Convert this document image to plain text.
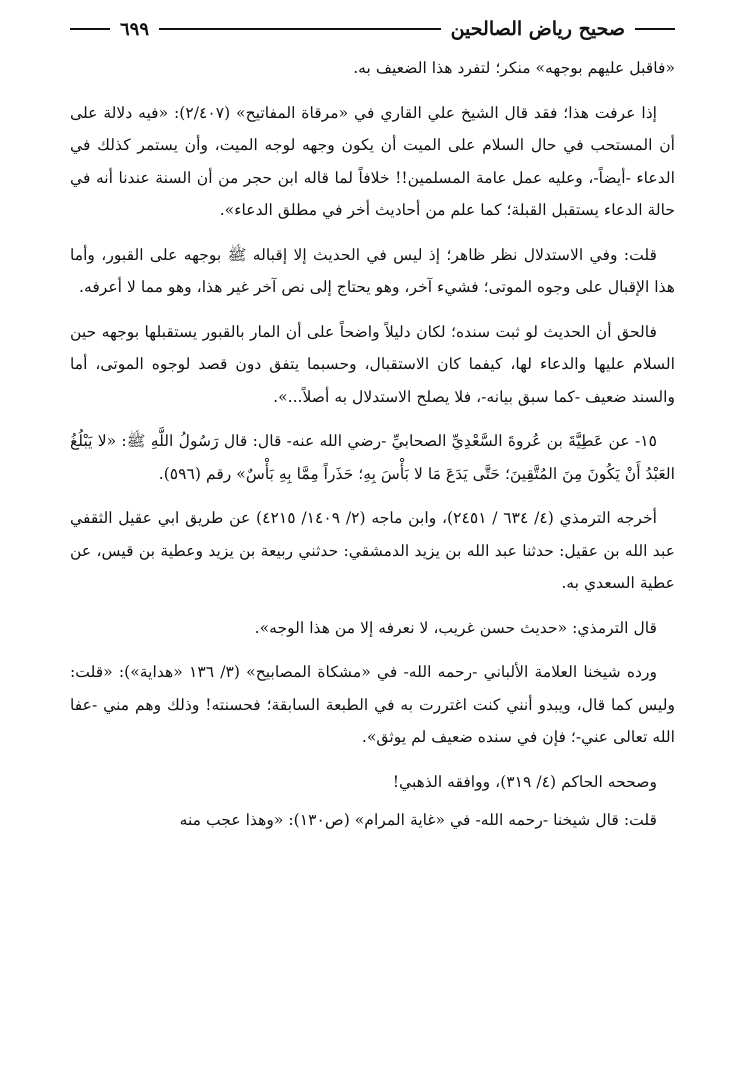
صحيح رياض الصالحين
٦٩٩

«فاقبل عليهم بوجهه» منكر؛ لتفرد هذا الضعيف به.

إذا عرفت هذا؛ فقد قال الشيخ علي القاري في «مرقاة المفاتيح» (٢/٤٠٧): «فيه دلالة على أن المستحب في حال السلام على الميت أن يكون وجهه لوجه الميت، وأن يستمر كذلك في الدعاء -أيضاً-، وعليه عمل عامة المسلمين!! خلافاً لما قاله ابن حجر من أن السنة عندنا أنه في حالة الدعاء يستقبل القبلة؛ كما علم من أحاديث أخر في مطلق الدعاء».

قلت: وفي الاستدلال نظر ظاهر؛ إذ ليس في الحديث إلا إقباله ﷺ بوجهه على القبور، وأما هذا الإقبال على وجوه الموتى؛ فشيء آخر، وهو يحتاج إلى نص آخر غير هذا، وهو مما لا أعرفه.

فالحق أن الحديث لو ثبت سنده؛ لكان دليلاً واضحاً على أن المار بالقبور يستقبلها بوجهه حين السلام عليها والدعاء لها، كيفما كان الاستقبال، وحسبما يتفق دون قصد لوجوه الموتى، أما والسند ضعيف -كما سبق بيانه-، فلا يصلح الاستدلال به أصلاً...».

١٥- عن عَطِيَّةَ بن عُروةَ السَّعْدِيِّ الصحابيِّ -رضي الله عنه- قال: قال رَسُولُ اللَّهِ ﷺ: «لا يَبْلُغُ العَبْدُ أَنْ يَكُونَ مِنَ المُتَّقِينَ؛ حَتَّى يَدَعَ مَا لا بَأْسَ بِهِ؛ حَذَراً مِمَّا بِهِ بَأْسٌ» رقم (٥٩٦).

أخرجه الترمذي (٤/ ٦٣٤ / ٢٤٥١)، وابن ماجه (٢/ ١٤٠٩/ ٤٢١٥) عن طريق ابي عقيل الثقفي عبد الله بن عقيل: حدثنا عبد الله بن يزيد الدمشقي: حدثني ربيعة بن يزيد وعطية بن قيس، عن عطية السعدي به.

قال الترمذي: «حديث حسن غريب، لا نعرفه إلا من هذا الوجه».

ورده شيخنا العلامة الألباني -رحمه الله- في «مشكاة المصابيح» (٣/ ١٣٦ «هداية»): «قلت: وليس كما قال، ويبدو أنني كنت اغتررت به في الطبعة السابقة؛ فحسنته! وذلك وهم مني -عفا الله تعالى عني-؛ فإن في سنده ضعيف لم يوثق».

وصححه الحاكم (٤/ ٣١٩)، ووافقه الذهبي!

قلت: قال شيخنا -رحمه الله- في «غاية المرام» (ص١٣٠): «وهذا عجب منه
